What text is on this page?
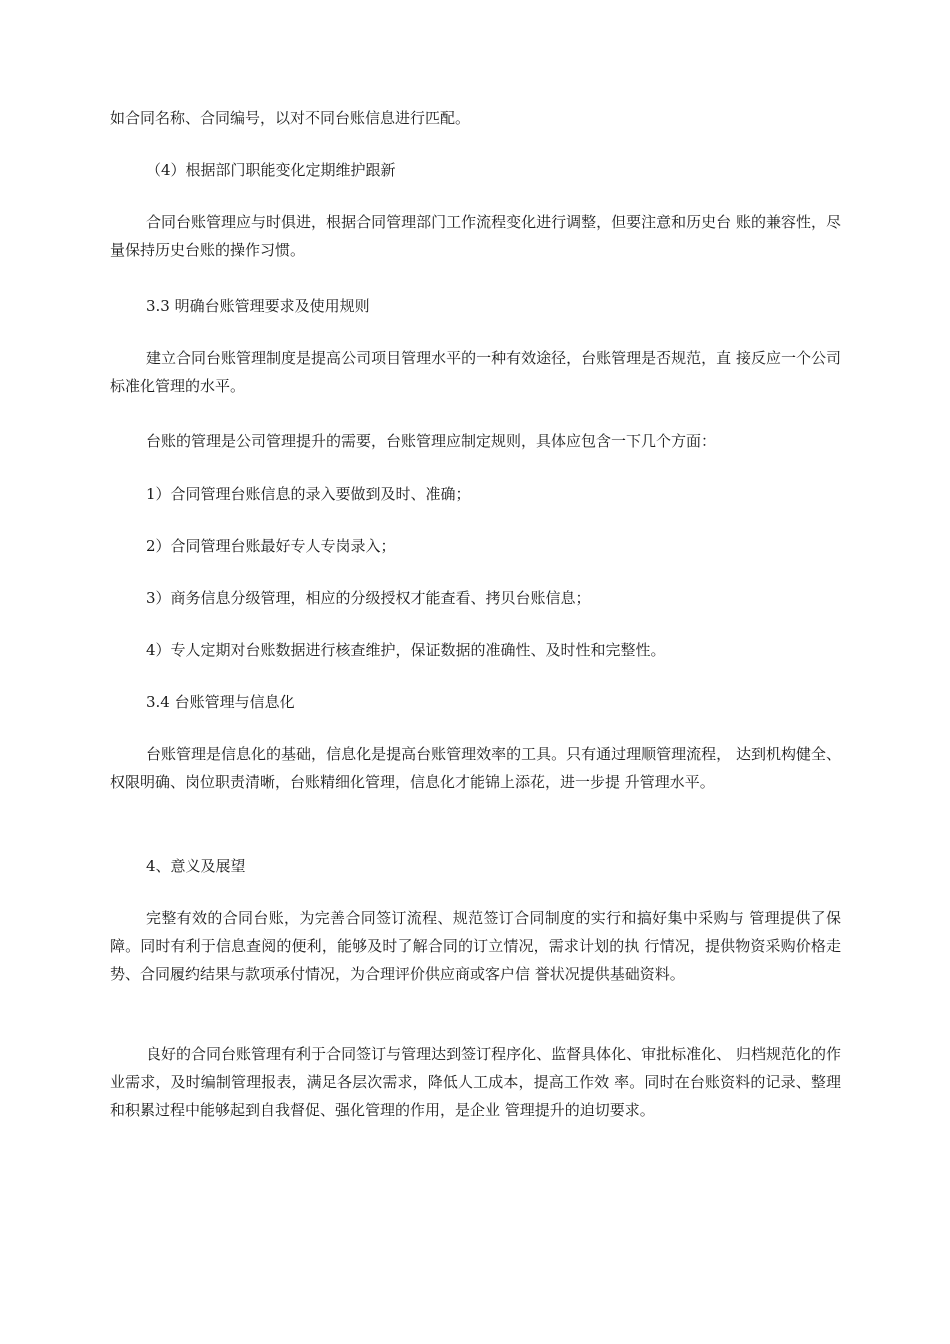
如合同名称、合同编号，以对不同台账信息进行匹配。

（4）根据部门职能变化定期维护跟新

合同台账管理应与时俱进，根据合同管理部门工作流程变化进行调整，但要注意和历史台 账的兼容性，尽量保持历史台账的操作习惯。

3.3 明确台账管理要求及使用规则

建立合同台账管理制度是提高公司项目管理水平的一种有效途径，台账管理是否规范，直 接反应一个公司标准化管理的水平。

台账的管理是公司管理提升的需要，台账管理应制定规则，具体应包含一下几个方面：

1）合同管理台账信息的录入要做到及时、准确；

2）合同管理台账最好专人专岗录入；

3）商务信息分级管理，相应的分级授权才能查看、拷贝台账信息；

4）专人定期对台账数据进行核查维护，保证数据的准确性、及时性和完整性。

3.4 台账管理与信息化

台账管理是信息化的基础，信息化是提高台账管理效率的工具。只有通过理顺管理流程， 达到机构健全、权限明确、岗位职责清晰，台账精细化管理，信息化才能锦上添花，进一步提 升管理水平。

4、意义及展望

完整有效的合同台账，为完善合同签订流程、规范签订合同制度的实行和搞好集中采购与 管理提供了保障。同时有利于信息查阅的便利，能够及时了解合同的订立情况，需求计划的执 行情况，提供物资采购价格走势、合同履约结果与款项承付情况，为合理评价供应商或客户信 誉状况提供基础资料。

良好的合同台账管理有利于合同签订与管理达到签订程序化、监督具体化、审批标准化、 归档规范化的作业需求，及时编制管理报表，满足各层次需求，降低人工成本，提高工作效 率。同时在台账资料的记录、整理和积累过程中能够起到自我督促、强化管理的作用，是企业 管理提升的迫切要求。
